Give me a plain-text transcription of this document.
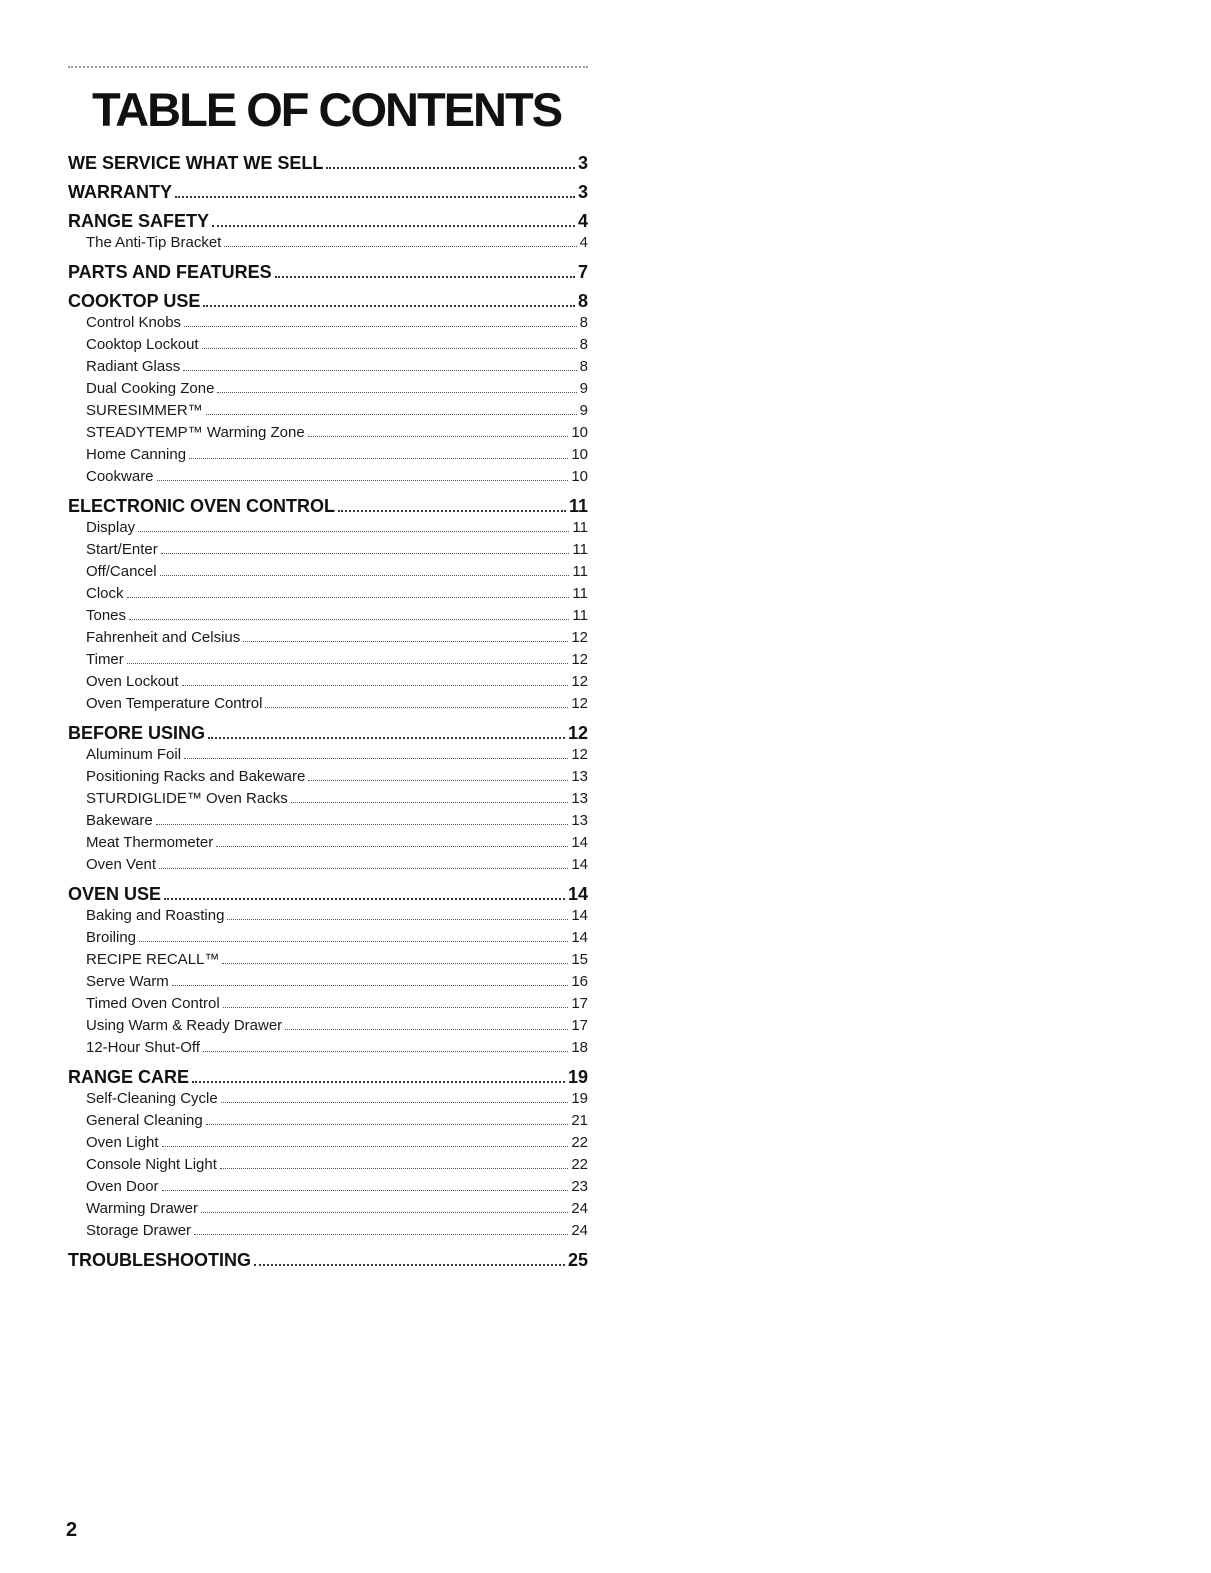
TABLE OF CONTENTS
WE SERVICE WHAT WE SELL	3
WARRANTY	3
RANGE SAFETY	4
The Anti-Tip Bracket	4
PARTS AND FEATURES	7
COOKTOP USE	8
Control Knobs	8
Cooktop Lockout	8
Radiant Glass	8
Dual Cooking Zone	9
SURESIMMER™	9
STEADYTEMP™ Warming Zone	10
Home Canning	10
Cookware	10
ELECTRONIC OVEN CONTROL	11
Display	11
Start/Enter	11
Off/Cancel	11
Clock	11
Tones	11
Fahrenheit and Celsius	12
Timer	12
Oven Lockout	12
Oven Temperature Control	12
BEFORE USING	12
Aluminum Foil	12
Positioning Racks and Bakeware	13
STURDIGLIDE™ Oven Racks	13
Bakeware	13
Meat Thermometer	14
Oven Vent	14
OVEN USE	14
Baking and Roasting	14
Broiling	14
RECIPE RECALL™	15
Serve Warm	16
Timed Oven Control	17
Using Warm & Ready Drawer	17
12-Hour Shut-Off	18
RANGE CARE	19
Self-Cleaning Cycle	19
General Cleaning	21
Oven Light	22
Console Night Light	22
Oven Door	23
Warming Drawer	24
Storage Drawer	24
TROUBLESHOOTING	25
2
